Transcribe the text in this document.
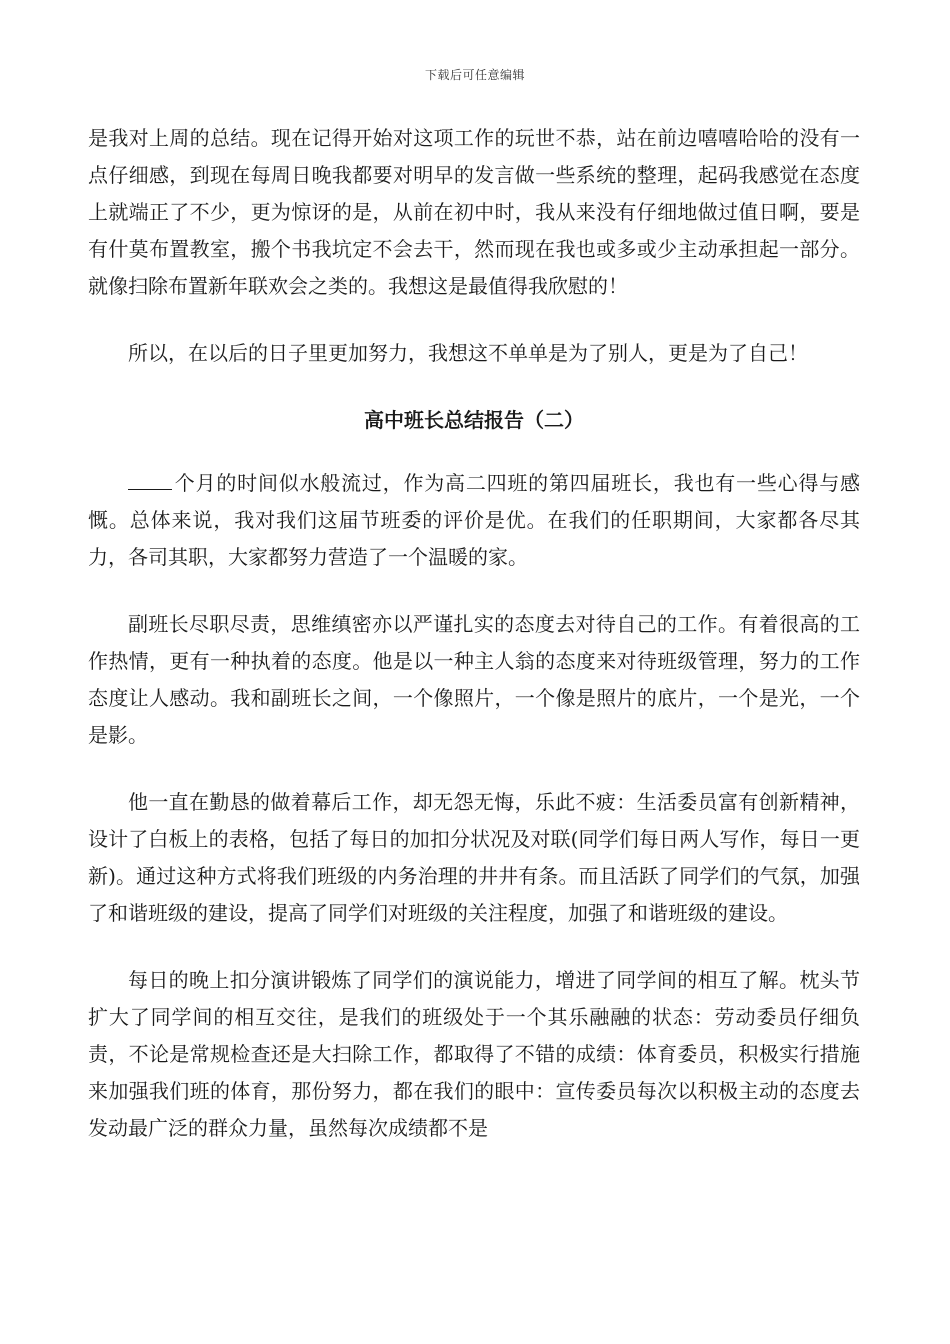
下载后可任意编辑

是我对上周的总结。现在记得开始对这项工作的玩世不恭，站在前边嘻嘻哈哈的没有一点仔细感，到现在每周日晚我都要对明早的发言做一些系统的整理，起码我感觉在态度上就端正了不少，更为惊讶的是，从前在初中时，我从来没有仔细地做过值日啊，要是有什莫布置教室，搬个书我坑定不会去干，然而现在我也或多或少主动承担起一部分。就像扫除布置新年联欢会之类的。我想这是最值得我欣慰的！

所以，在以后的日子里更加努力，我想这不单单是为了别人，更是为了自己！

高中班长总结报告（二）

个月的时间似水般流过，作为高二四班的第四届班长，我也有一些心得与感慨。总体来说，我对我们这届节班委的评价是优。在我们的任职期间，大家都各尽其力，各司其职，大家都努力营造了一个温暖的家。

副班长尽职尽责，思维缜密亦以严谨扎实的态度去对待自己的工作。有着很高的工作热情，更有一种执着的态度。他是以一种主人翁的态度来对待班级管理，努力的工作态度让人感动。我和副班长之间，一个像照片，一个像是照片的底片，一个是光，一个是影。

他一直在勤恳的做着幕后工作，却无怨无悔，乐此不疲：生活委员富有创新精神，设计了白板上的表格，包括了每日的加扣分状况及对联(同学们每日两人写作，每日一更新)。通过这种方式将我们班级的内务治理的井井有条。而且活跃了同学们的气氛，加强了和谐班级的建设，提高了同学们对班级的关注程度，加强了和谐班级的建设。

每日的晚上扣分演讲锻炼了同学们的演说能力，增进了同学间的相互了解。枕头节扩大了同学间的相互交往，是我们的班级处于一个其乐融融的状态：劳动委员仔细负责，不论是常规检查还是大扫除工作，都取得了不错的成绩：体育委员，积极实行措施来加强我们班的体育，那份努力，都在我们的眼中：宣传委员每次以积极主动的态度去发动最广泛的群众力量，虽然每次成绩都不是
